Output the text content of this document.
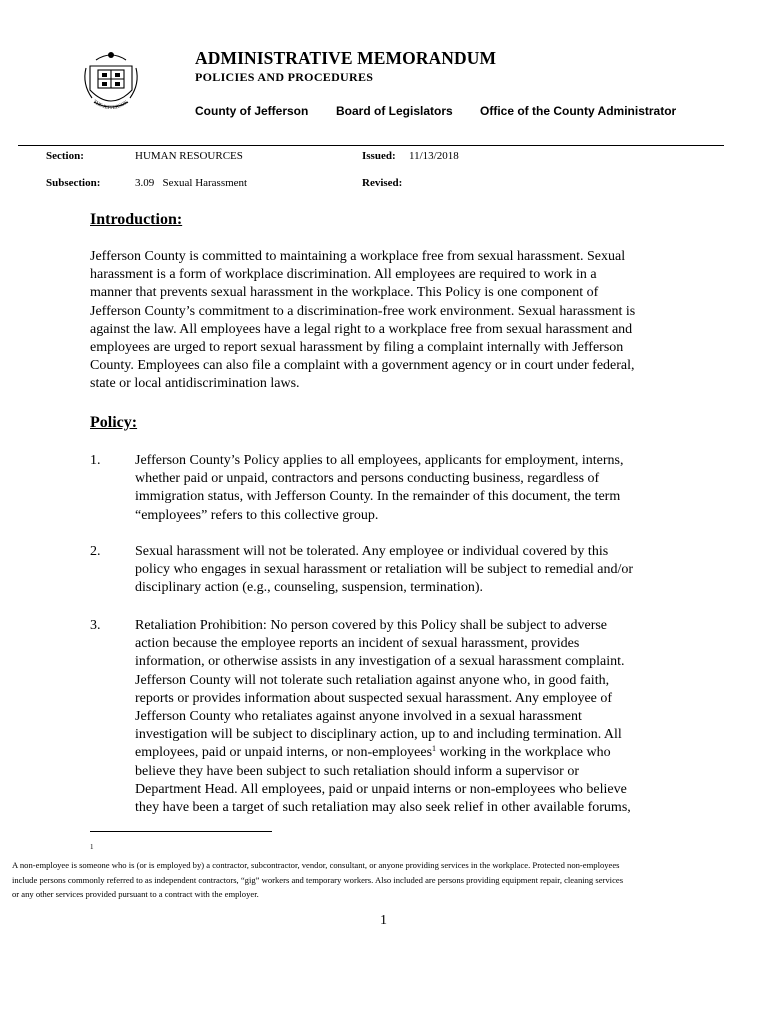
THE JEFFERSON
ADMINISTRATIVE MEMORANDUM
POLICIES AND PROCEDURES
County of Jefferson Board of Legislators Office of the County Administrator
Section:	HUMAN RESOURCES	Issued: 11/13/2018
Subsection:	3.09   Sexual Harassment	Revised:
Introduction:

Jefferson County is committed to maintaining a workplace free from sexual harassment. Sexual

harassment is a form of workplace discrimination. All employees are required to work in a

manner that prevents sexual harassment in the workplace. This Policy is one component of

Jefferson County’s commitment to a discrimination-free work environment. Sexual harassment is

against the law. All employees have a legal right to a workplace free from sexual harassment and

employees are urged to report sexual harassment by filing a complaint internally with Jefferson

County. Employees can also file a complaint with a government agency or in court under federal,

state or local antidiscrimination laws.

Policy:
1. Jefferson County’s Policy applies to all employees, applicants for employment, interns,

whether paid or unpaid, contractors and persons conducting business, regardless of

immigration status, with Jefferson County. In the remainder of this document, the term

“employees” refers to this collective group.

2. Sexual harassment will not be tolerated. Any employee or individual covered by this

policy who engages in sexual harassment or retaliation will be subject to remedial and/or

disciplinary action (e.g., counseling, suspension, termination).

3. Retaliation Prohibition: No person covered by this Policy shall be subject to adverse

action because the employee reports an incident of sexual harassment, provides

information, or otherwise assists in any investigation of a sexual harassment complaint.

Jefferson County will not tolerate such retaliation against anyone who, in good faith,

reports or provides information about suspected sexual harassment. Any employee of

Jefferson County who retaliates against anyone involved in a sexual harassment

investigation will be subject to disciplinary action, up to and including termination. All

employees, paid or unpaid interns, or non-employees$^1$ working in the workplace who

believe they have been subject to such retaliation should inform a supervisor or

Department Head. All employees, paid or unpaid interns or non-employees who believe

they have been a target of such retaliation may also seek relief in other available forums,

1

A non-employee is someone who is (or is employed by) a contractor, subcontractor, vendor, consultant, or anyone providing services in the workplace. Protected non-employees

include persons commonly referred to as independent contractors, “gig” workers and temporary workers. Also included are persons providing equipment repair, cleaning services

or any other services provided pursuant to a contract with the employer.

1
